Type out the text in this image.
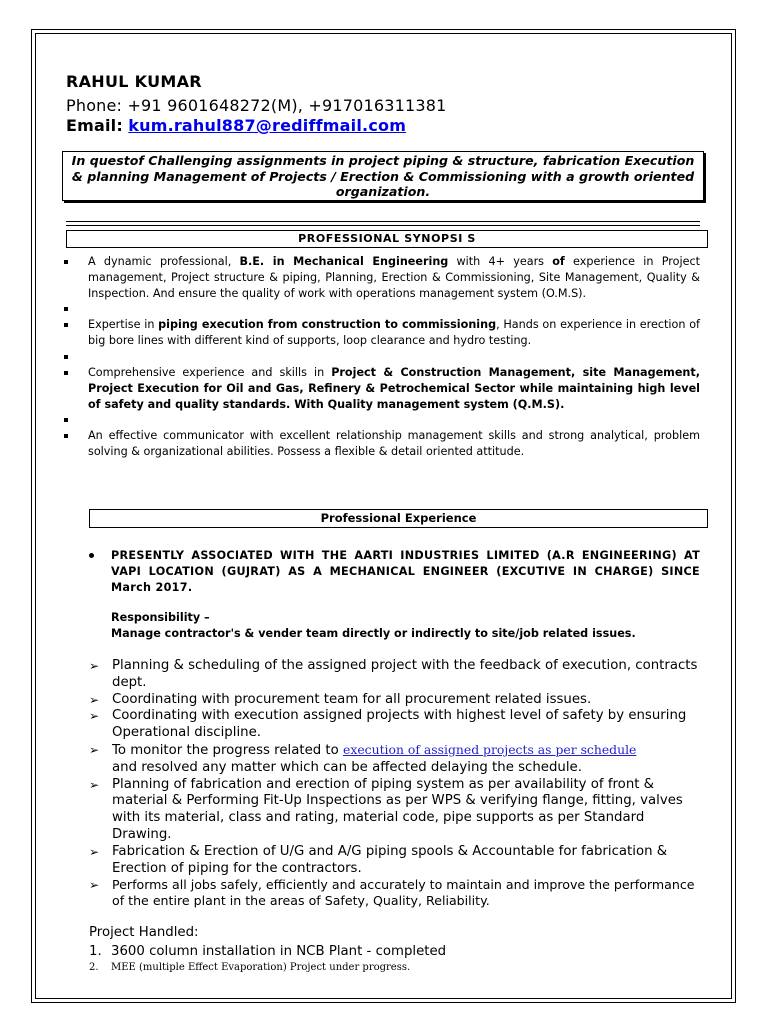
RAHUL KUMAR
Phone: +91 9601648272(M), +917016311381
Email: kum.rahul887@rediffmail.com

In questof Challenging assignments in project piping & structure, fabrication Execution & planning Management of Projects / Erection & Commissioning with a growth oriented organization.

PROFESSIONAL SYNOPSI S
A dynamic professional, B.E. in Mechanical Engineering with 4+ years of experience in Project management, Project structure & piping, Planning, Erection & Commissioning, Site Management, Quality & Inspection. And ensure the quality of work with operations management system (O.M.S).
Expertise in piping execution from construction to commissioning, Hands on experience in erection of big bore lines with different kind of supports, loop clearance and hydro testing.
Comprehensive experience and skills in Project & Construction Management, site Management, Project Execution for Oil and Gas, Refinery & Petrochemical Sector while maintaining high level of safety and quality standards. With Quality management system (Q.M.S).
An effective communicator with excellent relationship management skills and strong analytical, problem solving & organizational abilities. Possess a flexible & detail oriented attitude.
Professional Experience
PRESENTLY ASSOCIATED WITH THE AARTI INDUSTRIES LIMITED (A.R ENGINEERING) AT VAPI LOCATION (GUJRAT) AS A MECHANICAL ENGINEER (EXCUTIVE IN CHARGE) SINCE March 2017.
Responsibility –
Manage contractor's & vender team directly or indirectly to site/job related issues.
➢ Planning & scheduling of the assigned project with the feedback of execution, contracts dept.
➢ Coordinating with procurement team for all procurement related issues.
➢ Coordinating with execution assigned projects with highest level of safety by ensuring Operational discipline.
➢ To monitor the progress related to execution of assigned projects as per schedule
and resolved any matter which can be affected delaying the schedule.
➢ Planning of fabrication and erection of piping system as per availability of front & material & Performing Fit-Up Inspections as per WPS & verifying flange, fitting, valves with its material, class and rating, material code, pipe supports as per Standard Drawing.
➢ Fabrication & Erection of U/G and A/G piping spools & Accountable for fabrication & Erection of piping for the contractors.
➢ Performs all jobs safely, efficiently and accurately to maintain and improve the performance of the entire plant in the areas of Safety, Quality, Reliability.
Project Handled:
1. 3600 column installation in NCB Plant - completed
2. MEE (multiple Effect Evaporation) Project under progress.
